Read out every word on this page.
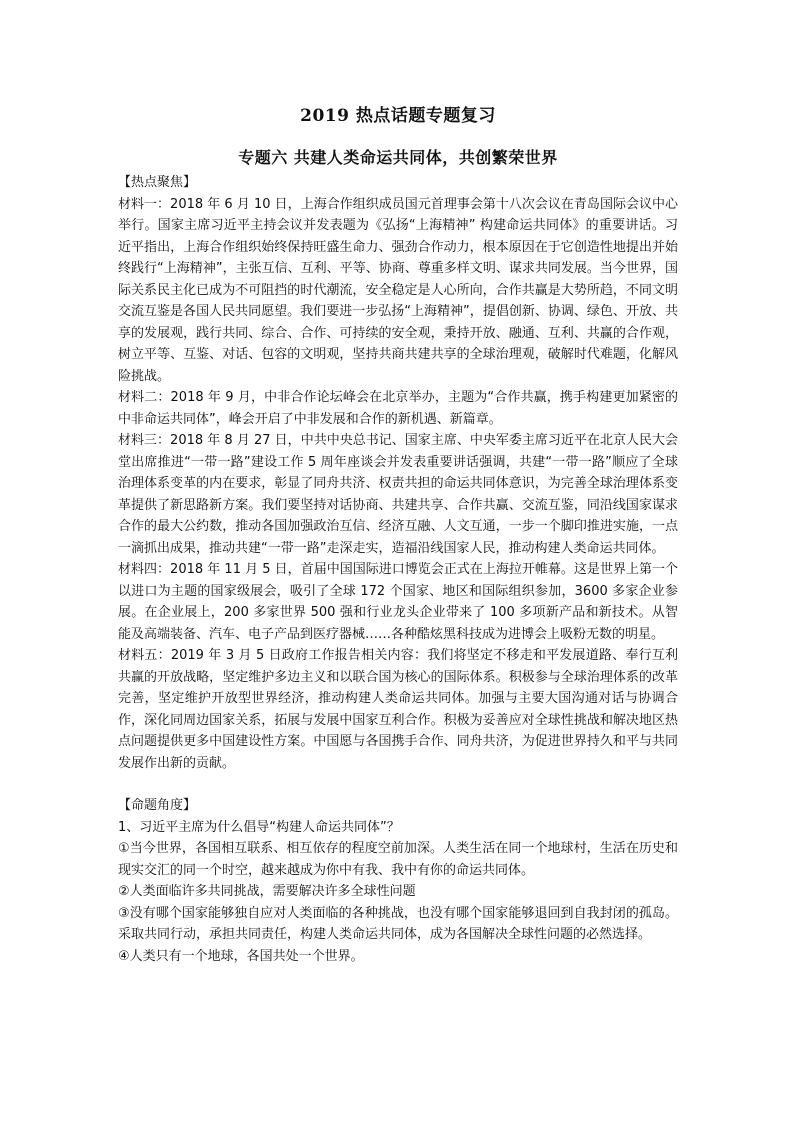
2019 热点话题专题复习
专题六 共建人类命运共同体，共创繁荣世界

【热点聚焦】

材料一：2018 年 6 月 10 日，上海合作组织成员国元首理事会第十八次会议在青岛国际会议中心举行。国家主席习近平主持会议并发表题为《弘扬“上海精神” 构建命运共同体》的重要讲话。习近平指出，上海合作组织始终保持旺盛生命力、强劲合作动力，根本原因在于它创造性地提出并始终践行“上海精神”，主张互信、互利、平等、协商、尊重多样文明、谋求共同发展。当今世界，国际关系民主化已成为不可阻挡的时代潮流，安全稳定是人心所向，合作共赢是大势所趋，不同文明交流互鉴是各国人民共同愿望。我们要进一步弘扬“上海精神”，提倡创新、协调、绿色、开放、共享的发展观，践行共同、综合、合作、可持续的安全观，秉持开放、融通、互利、共赢的合作观，树立平等、互鉴、对话、包容的文明观，坚持共商共建共享的全球治理观，破解时代难题，化解风险挑战。

材料二：2018 年 9 月，中非合作论坛峰会在北京举办，主题为“合作共赢，携手构建更加紧密的中非命运共同体”，峰会开启了中非发展和合作的新机遇、新篇章。

材料三：2018 年 8 月 27 日，中共中央总书记、国家主席、中央军委主席习近平在北京人民大会堂出席推进“一带一路”建设工作 5 周年座谈会并发表重要讲话强调，共建“一带一路”顺应了全球治理体系变革的内在要求，彰显了同舟共济、权责共担的命运共同体意识，为完善全球治理体系变革提供了新思路新方案。我们要坚持对话协商、共建共享、合作共赢、交流互鉴，同沿线国家谋求合作的最大公约数，推动各国加强政治互信、经济互融、人文互通，一步一个脚印推进实施，一点一滴抓出成果，推动共建“一带一路”走深走实，造福沿线国家人民，推动构建人类命运共同体。

材料四：2018 年 11 月 5 日，首届中国国际进口博览会正式在上海拉开帷幕。这是世界上第一个以进口为主题的国家级展会，吸引了全球 172 个国家、地区和国际组织参加，3600 多家企业参展。在企业展上，200 多家世界 500 强和行业龙头企业带来了 100 多项新产品和新技术。从智能及高端装备、汽车、电子产品到医疗器械……各种酷炫黑科技成为进博会上吸粉无数的明星。

材料五：2019 年 3 月 5 日政府工作报告相关内容：我们将坚定不移走和平发展道路、奉行互利共赢的开放战略，坚定维护多边主义和以联合国为核心的国际体系。积极参与全球治理体系的改革完善，坚定维护开放型世界经济，推动构建人类命运共同体。加强与主要大国沟通对话与协调合作，深化同周边国家关系，拓展与发展中国家互利合作。积极为妥善应对全球性挑战和解决地区热点问题提供更多中国建设性方案。中国愿与各国携手合作、同舟共济，为促进世界持久和平与共同发展作出新的贡献。

【命题角度】

1、习近平主席为什么倡导“构建人命运共同体”？

①当今世界，各国相互联系、相互依存的程度空前加深。人类生活在同一个地球村，生活在历史和现实交汇的同一个时空，越来越成为你中有我、我中有你的命运共同体。

②人类面临许多共同挑战，需要解决许多全球性问题

③没有哪个国家能够独自应对人类面临的各种挑战，也没有哪个国家能够退回到自我封闭的孤岛。采取共同行动，承担共同责任，构建人类命运共同体，成为各国解决全球性问题的必然选择。

④人类只有一个地球，各国共处一个世界。
